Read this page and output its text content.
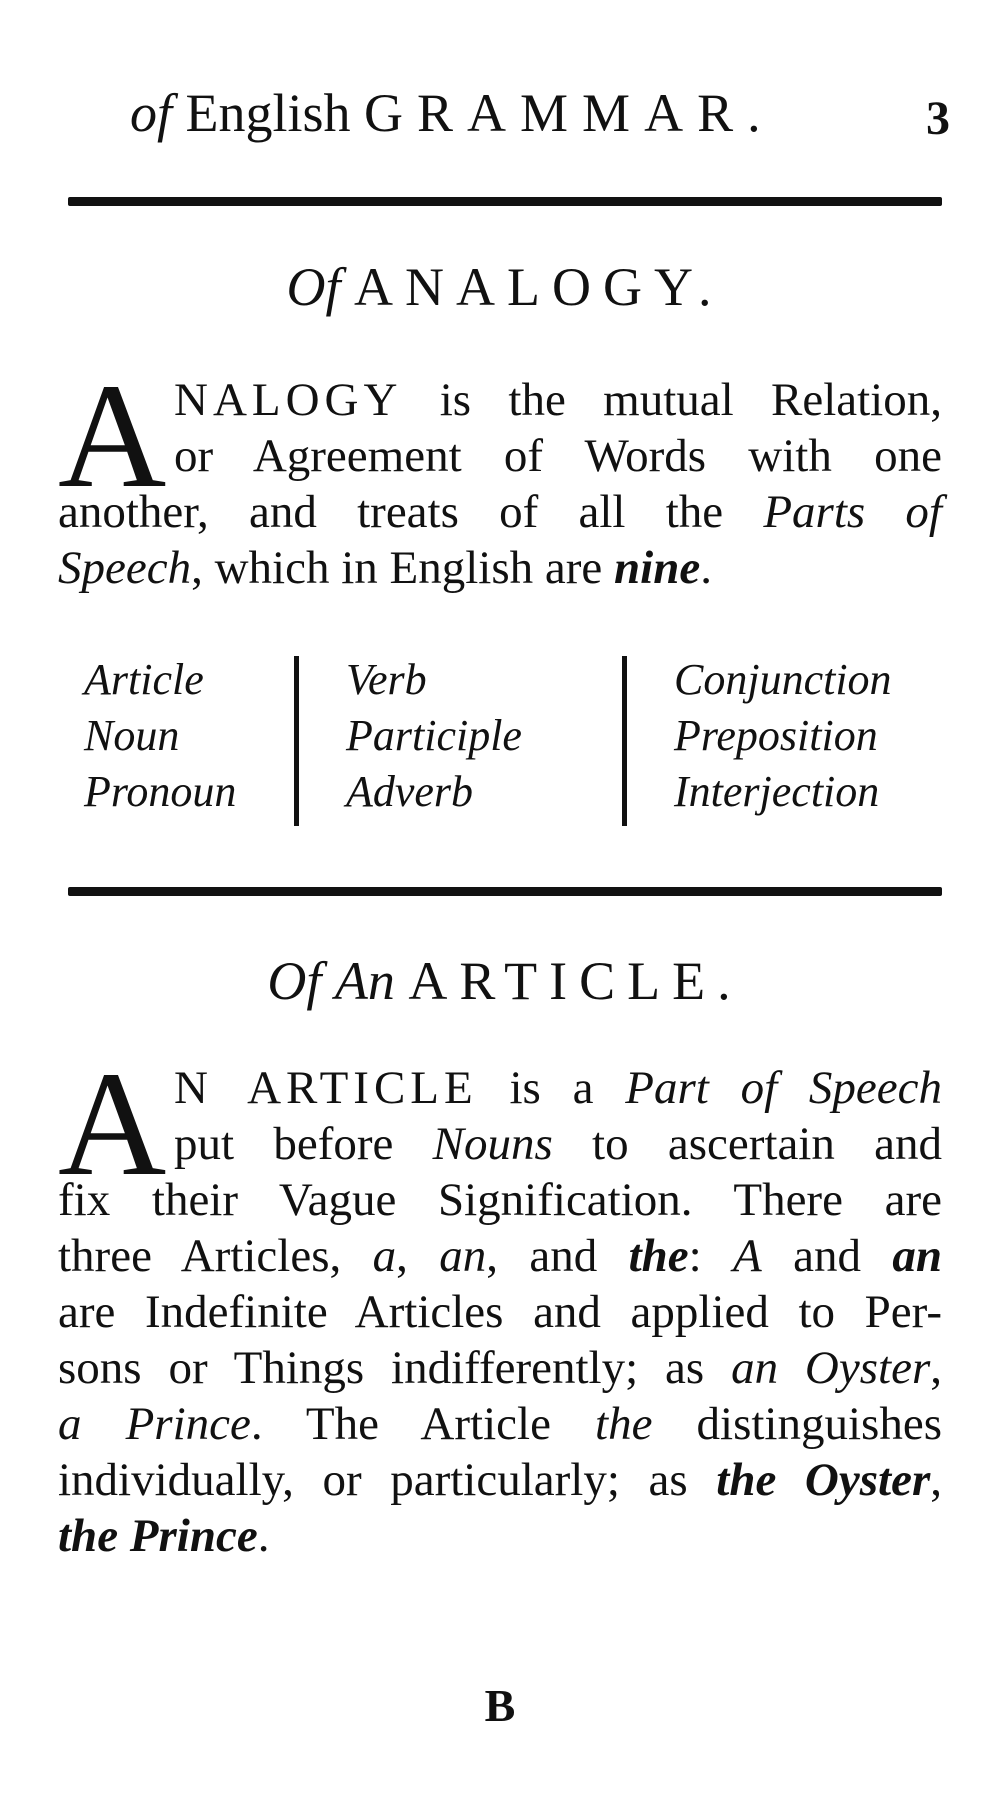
of English GRAMMAR.	3
Of ANALOGY.
A NALOGY is the mutual Relation,
or Agreement of Words with one
another, and treats of all the Parts of
Speech, which in English are nine.
Article
Noun
Pronoun
Verb
Participle
Adverb
Conjunction
Preposition
Interjection
Of An ARTICLE.
A N ARTICLE is a Part of Speech
put before Nouns to ascertain and
fix their Vague Signification. There are
three Articles, a, an, and the: A and an
are Indefinite Articles and applied to Per-
sons or Things indifferently; as an Oyster,
a Prince. The Article the distinguishes
individually, or particularly; as the Oyster,
the Prince.
B
